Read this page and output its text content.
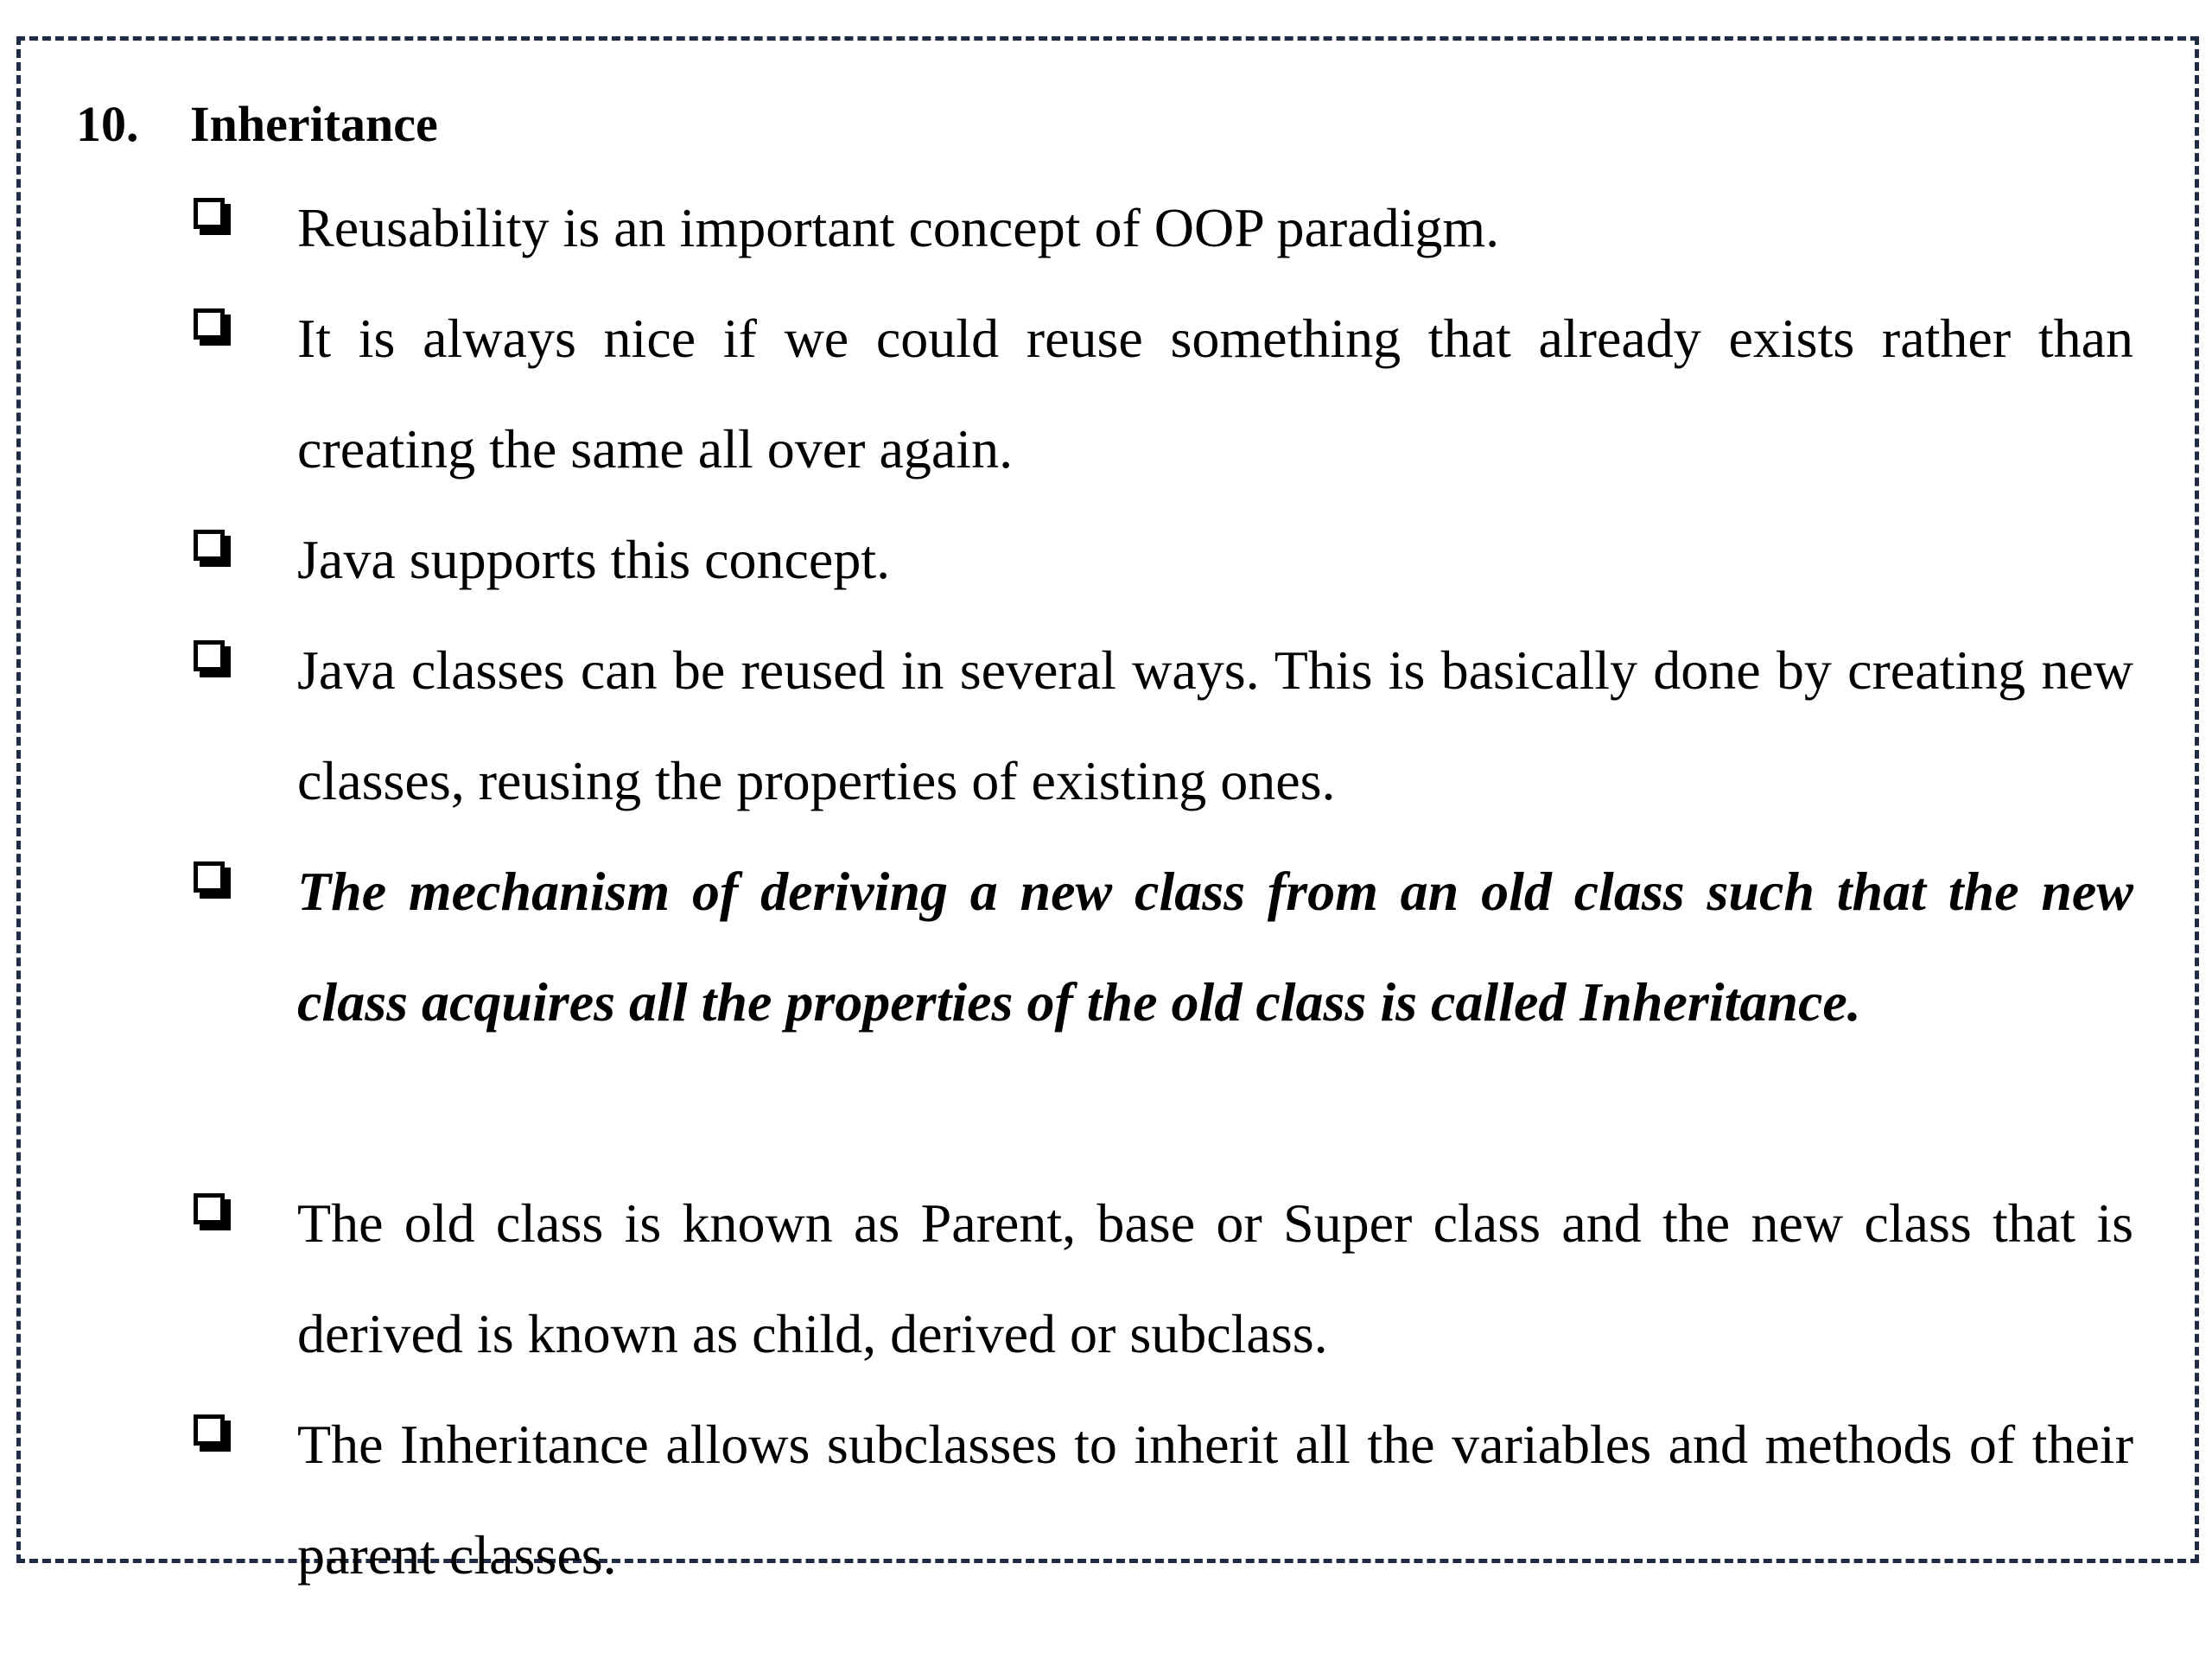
10. Inheritance

Reusability is an important concept of OOP paradigm.

It is always nice if we could reuse something that already exists rather than creating the same all over again.

Java supports this concept.

Java classes can be reused in several ways. This is basically done by creating new classes, reusing the properties of existing ones.

The mechanism of deriving a new class from an old class such that the new class acquires all the properties of the old class is called Inheritance.

The old class is known as Parent, base or Super class and the new class that is derived is known as child, derived or subclass.

The Inheritance allows subclasses to inherit all the variables and methods of their parent classes.
